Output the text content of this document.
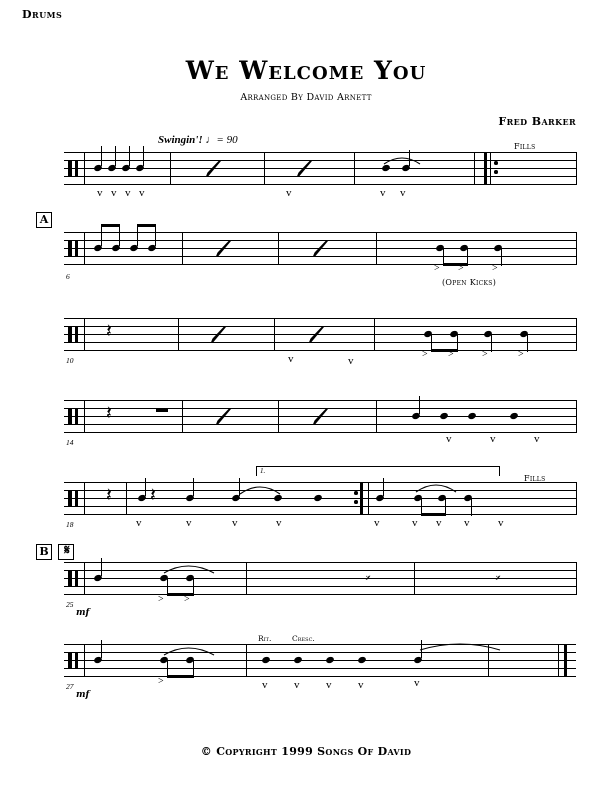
Drums
We Welcome You
Arranged By David Arnett
Fred Barker
v v v v	v	v v
Swingin'! ♩= 90
Fills
A
> >	>
6
(Open Kicks)
𝄽
v	> >	>	>
10	v
𝄽
14	v	v	v
𝄽 𝄽
v	v	v	v	v	v v v	v
1.
18
Fills
B	𝄋
> >
𝄎	𝄎
25
mf
>	v v v v	v
27
mf
Rit.	Cresc.
© Copyright 1999 Songs Of David
